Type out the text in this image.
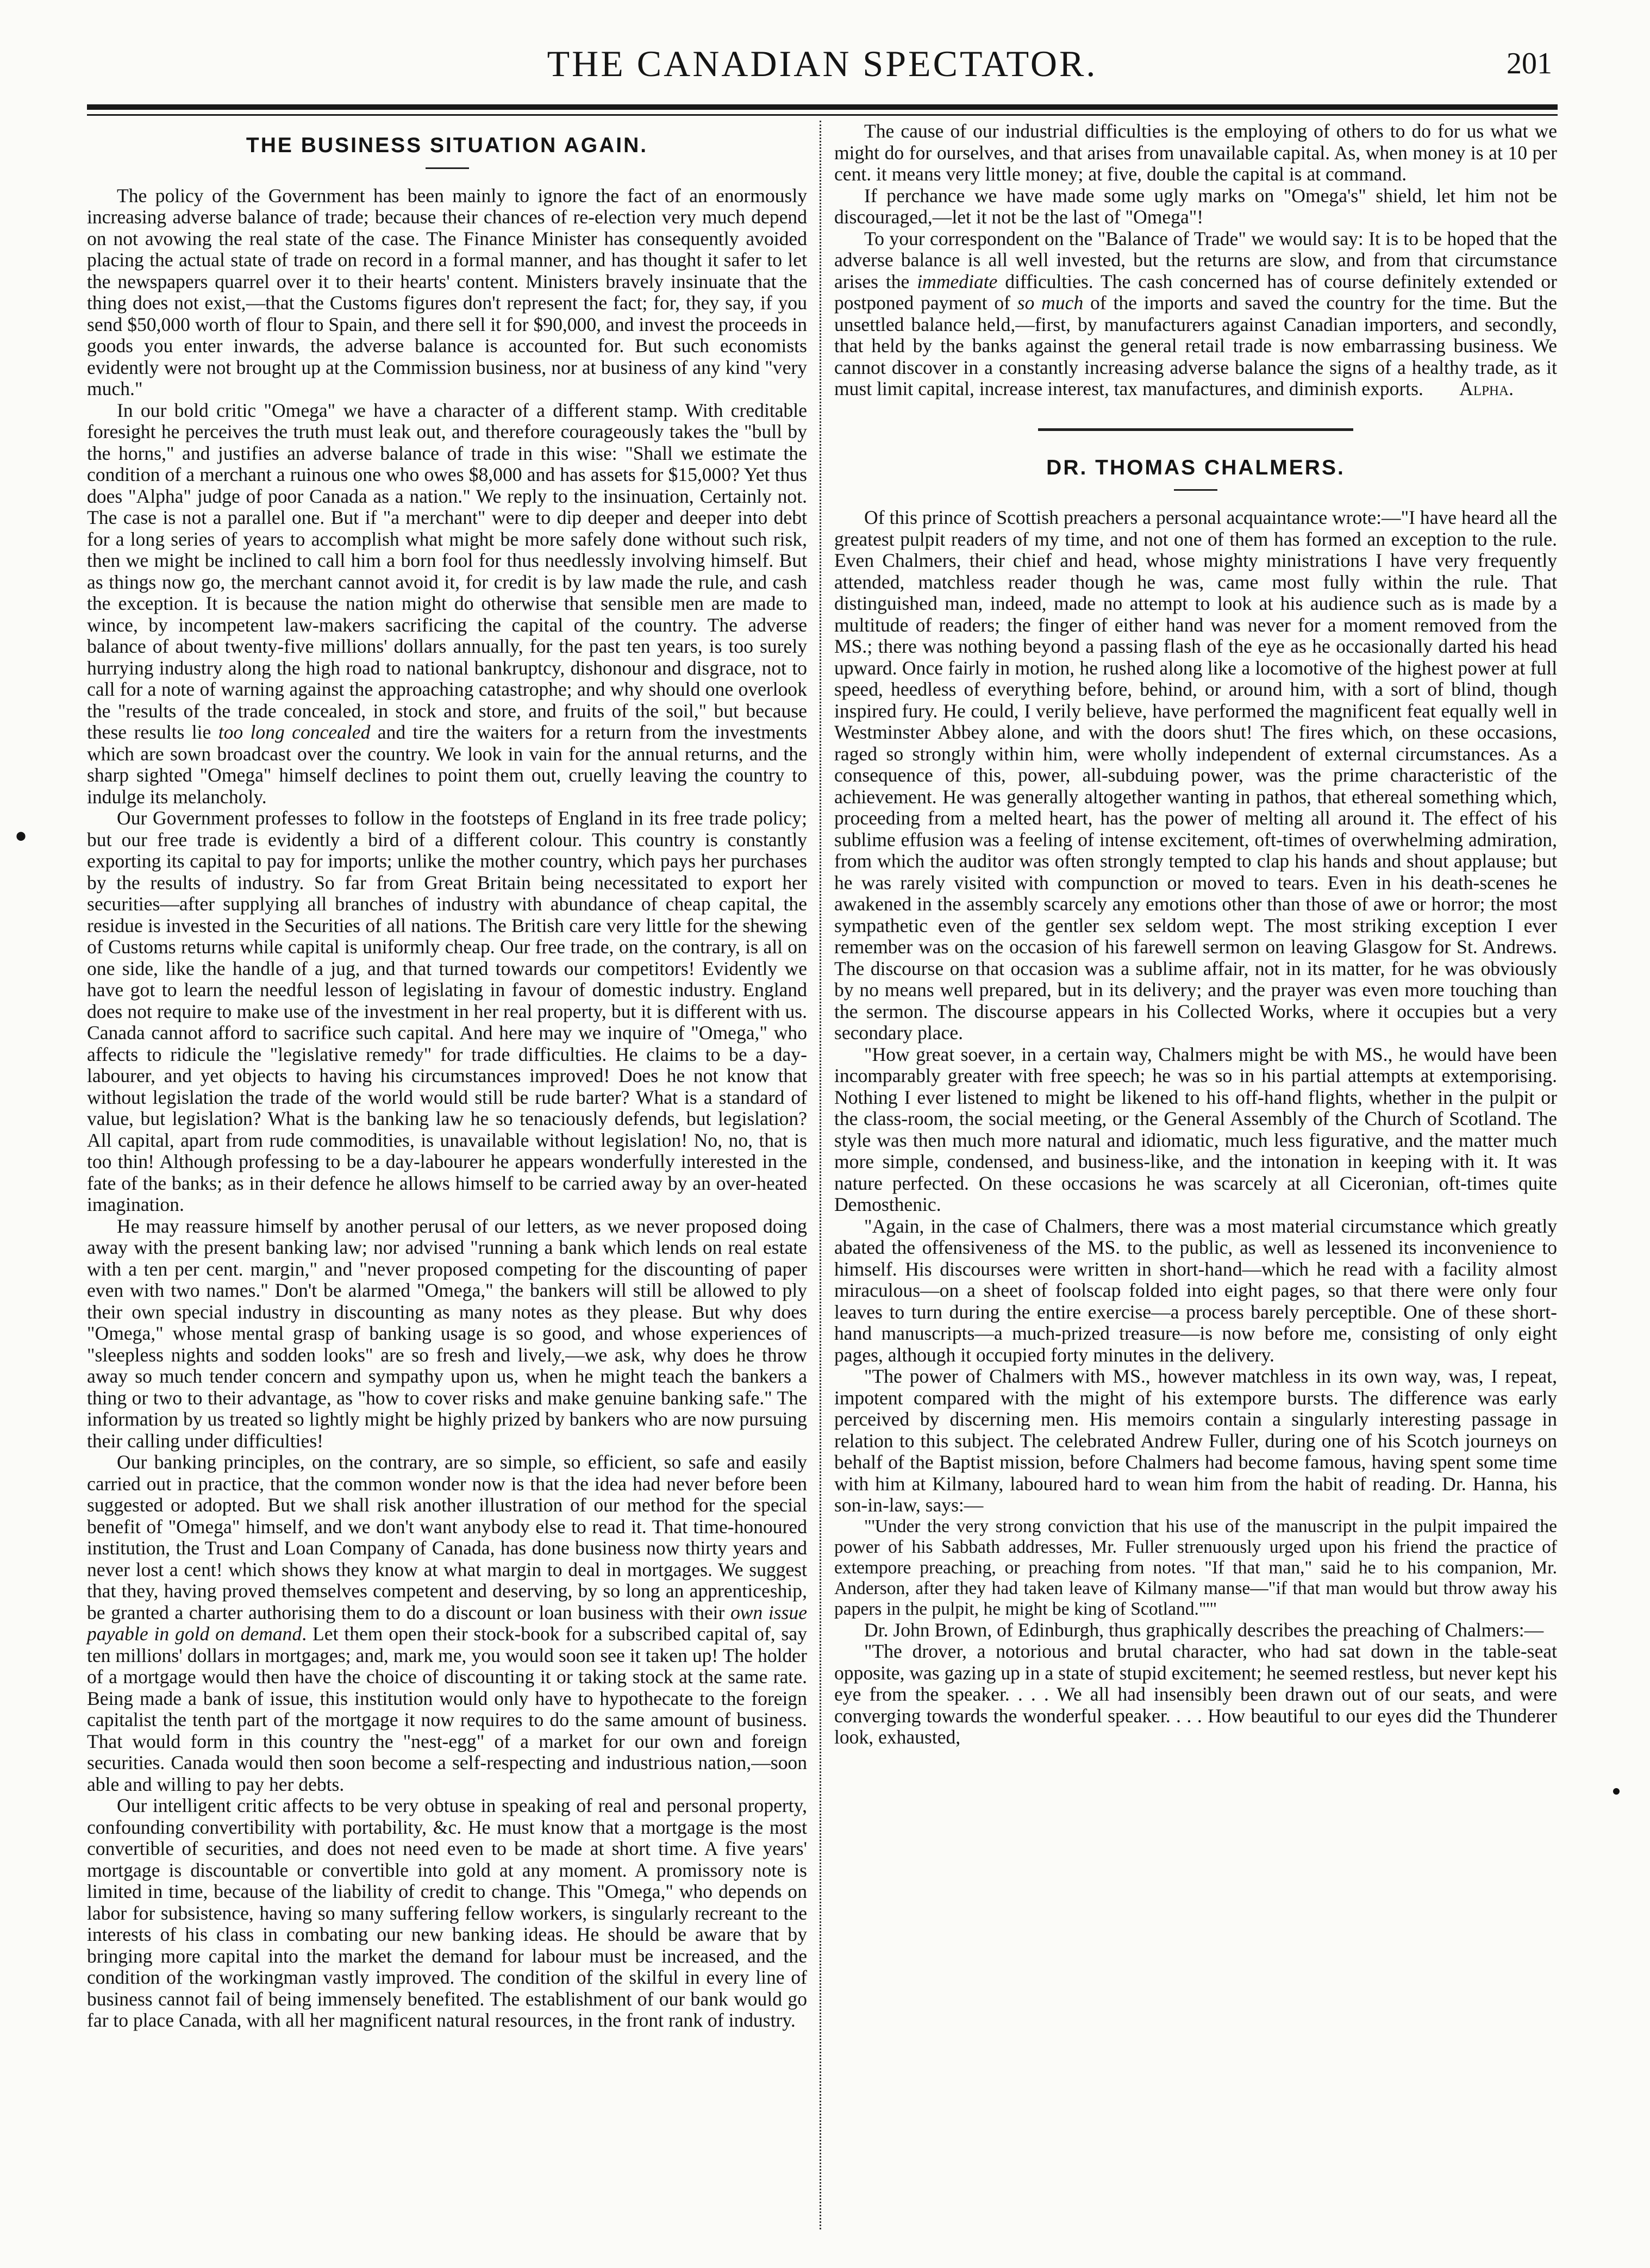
THE CANADIAN SPECTATOR.	201
•
THE BUSINESS SITUATION AGAIN.

The policy of the Government has been mainly to ignore the fact of an enormously increasing adverse balance of trade; because their chances of re-election very much depend on not avowing the real state of the case. The Finance Minister has consequently avoided placing the actual state of trade on record in a formal manner, and has thought it safer to let the newspapers quarrel over it to their hearts' content. Ministers bravely insinuate that the thing does not exist,—that the Customs figures don't represent the fact; for, they say, if you send $50,000 worth of flour to Spain, and there sell it for $90,000, and invest the proceeds in goods you enter inwards, the adverse balance is accounted for. But such economists evidently were not brought up at the Commission business, nor at business of any kind "very much."

In our bold critic "Omega" we have a character of a different stamp. With creditable foresight he perceives the truth must leak out, and therefore courageously takes the "bull by the horns," and justifies an adverse balance of trade in this wise: "Shall we estimate the condition of a merchant a ruinous one who owes $8,000 and has assets for $15,000? Yet thus does "Alpha" judge of poor Canada as a nation." We reply to the insinuation, Certainly not. The case is not a parallel one. But if "a merchant" were to dip deeper and deeper into debt for a long series of years to accomplish what might be more safely done without such risk, then we might be inclined to call him a born fool for thus needlessly involving himself. But as things now go, the merchant cannot avoid it, for credit is by law made the rule, and cash the exception. It is because the nation might do otherwise that sensible men are made to wince, by incompetent law-makers sacrificing the capital of the country. The adverse balance of about twenty-five millions' dollars annually, for the past ten years, is too surely hurrying industry along the high road to national bankruptcy, dishonour and disgrace, not to call for a note of warning against the approaching catastrophe; and why should one overlook the "results of the trade concealed, in stock and store, and fruits of the soil," but because these results lie too long concealed and tire the waiters for a return from the investments which are sown broadcast over the country. We look in vain for the annual returns, and the sharp sighted "Omega" himself declines to point them out, cruelly leaving the country to indulge its melancholy.

Our Government professes to follow in the footsteps of England in its free trade policy; but our free trade is evidently a bird of a different colour. This country is constantly exporting its capital to pay for imports; unlike the mother country, which pays her purchases by the results of industry. So far from Great Britain being necessitated to export her securities—after supplying all branches of industry with abundance of cheap capital, the residue is invested in the Securities of all nations. The British care very little for the shewing of Customs returns while capital is uniformly cheap. Our free trade, on the contrary, is all on one side, like the handle of a jug, and that turned towards our competitors! Evidently we have got to learn the needful lesson of legislating in favour of domestic industry. England does not require to make use of the investment in her real property, but it is different with us. Canada cannot afford to sacrifice such capital. And here may we inquire of "Omega," who affects to ridicule the "legislative remedy" for trade difficulties. He claims to be a day-labourer, and yet objects to having his circumstances improved! Does he not know that without legislation the trade of the world would still be rude barter? What is a standard of value, but legislation? What is the banking law he so tenaciously defends, but legislation? All capital, apart from rude commodities, is unavailable without legislation! No, no, that is too thin! Although professing to be a day-labourer he appears wonderfully interested in the fate of the banks; as in their defence he allows himself to be carried away by an over-heated imagination.

He may reassure himself by another perusal of our letters, as we never proposed doing away with the present banking law; nor advised "running a bank which lends on real estate with a ten per cent. margin," and "never proposed competing for the discounting of paper even with two names." Don't be alarmed "Omega," the bankers will still be allowed to ply their own special industry in discounting as many notes as they please. But why does "Omega," whose mental grasp of banking usage is so good, and whose experiences of "sleepless nights and sodden looks" are so fresh and lively,—we ask, why does he throw away so much tender concern and sympathy upon us, when he might teach the bankers a thing or two to their advantage, as "how to cover risks and make genuine banking safe." The information by us treated so lightly might be highly prized by bankers who are now pursuing their calling under difficulties!

Our banking principles, on the contrary, are so simple, so efficient, so safe and easily carried out in practice, that the common wonder now is that the idea had never before been suggested or adopted. But we shall risk another illustration of our method for the special benefit of "Omega" himself, and we don't want anybody else to read it. That time-honoured institution, the Trust and Loan Company of Canada, has done business now thirty years and never lost a cent! which shows they know at what margin to deal in mortgages. We suggest that they, having proved themselves competent and deserving, by so long an apprenticeship, be granted a charter authorising them to do a discount or loan business with their own issue payable in gold on demand. Let them open their stock-book for a subscribed capital of, say ten millions' dollars in mortgages; and, mark me, you would soon see it taken up! The holder of a mortgage would then have the choice of discounting it or taking stock at the same rate. Being made a bank of issue, this institution would only have to hypothecate to the foreign capitalist the tenth part of the mortgage it now requires to do the same amount of business. That would form in this country the "nest-egg" of a market for our own and foreign securities. Canada would then soon become a self-respecting and industrious nation,—soon able and willing to pay her debts.

Our intelligent critic affects to be very obtuse in speaking of real and personal property, confounding convertibility with portability, &c. He must know that a mortgage is the most convertible of securities, and does not need even to be made at short time. A five years' mortgage is discountable or convertible into gold at any moment. A promissory note is limited in time, because of the liability of credit to change. This "Omega," who depends on labor for subsistence, having so many suffering fellow workers, is singularly recreant to the interests of his class in combating our new banking ideas. He should be aware that by bringing more capital into the market the demand for labour must be increased, and the condition of the workingman vastly improved. The condition of the skilful in every line of business cannot fail of being immensely benefited. The establishment of our bank would go far to place Canada, with all her magnificent natural resources, in the front rank of industry.

The cause of our industrial difficulties is the employing of others to do for us what we might do for ourselves, and that arises from unavailable capital. As, when money is at 10 per cent. it means very little money; at five, double the capital is at command.

If perchance we have made some ugly marks on "Omega's" shield, let him not be discouraged,—let it not be the last of "Omega"!

To your correspondent on the "Balance of Trade" we would say: It is to be hoped that the adverse balance is all well invested, but the returns are slow, and from that circumstance arises the immediate difficulties. The cash concerned has of course definitely extended or postponed payment of so much of the imports and saved the country for the time. But the unsettled balance held,—first, by manufacturers against Canadian importers, and secondly, that held by the banks against the general retail trade is now embarrassing business. We cannot discover in a constantly increasing adverse balance the signs of a healthy trade, as it must limit capital, increase interest, tax manufactures, and diminish exports.	Alpha.

DR. THOMAS CHALMERS.

Of this prince of Scottish preachers a personal acquaintance wrote:—"I have heard all the greatest pulpit readers of my time, and not one of them has formed an exception to the rule. Even Chalmers, their chief and head, whose mighty ministrations I have very frequently attended, matchless reader though he was, came most fully within the rule. That distinguished man, indeed, made no attempt to look at his audience such as is made by a multitude of readers; the finger of either hand was never for a moment removed from the MS.; there was nothing beyond a passing flash of the eye as he occasionally darted his head upward. Once fairly in motion, he rushed along like a locomotive of the highest power at full speed, heedless of everything before, behind, or around him, with a sort of blind, though inspired fury. He could, I verily believe, have performed the magnificent feat equally well in Westminster Abbey alone, and with the doors shut! The fires which, on these occasions, raged so strongly within him, were wholly independent of external circumstances. As a consequence of this, power, all-subduing power, was the prime characteristic of the achievement. He was generally altogether wanting in pathos, that ethereal something which, proceeding from a melted heart, has the power of melting all around it. The effect of his sublime effusion was a feeling of intense excitement, oft-times of overwhelming admiration, from which the auditor was often strongly tempted to clap his hands and shout applause; but he was rarely visited with compunction or moved to tears. Even in his death-scenes he awakened in the assembly scarcely any emotions other than those of awe or horror; the most sympathetic even of the gentler sex seldom wept. The most striking exception I ever remember was on the occasion of his farewell sermon on leaving Glasgow for St. Andrews. The discourse on that occasion was a sublime affair, not in its matter, for he was obviously by no means well prepared, but in its delivery; and the prayer was even more touching than the sermon. The discourse appears in his Collected Works, where it occupies but a very secondary place.

"How great soever, in a certain way, Chalmers might be with MS., he would have been incomparably greater with free speech; he was so in his partial attempts at extemporising. Nothing I ever listened to might be likened to his off-hand flights, whether in the pulpit or the class-room, the social meeting, or the General Assembly of the Church of Scotland. The style was then much more natural and idiomatic, much less figurative, and the matter much more simple, condensed, and business-like, and the intonation in keeping with it. It was nature perfected. On these occasions he was scarcely at all Ciceronian, oft-times quite Demosthenic.

"Again, in the case of Chalmers, there was a most material circumstance which greatly abated the offensiveness of the MS. to the public, as well as lessened its inconvenience to himself. His discourses were written in short-hand—which he read with a facility almost miraculous—on a sheet of foolscap folded into eight pages, so that there were only four leaves to turn during the entire exercise—a process barely perceptible. One of these short-hand manuscripts—a much-prized treasure—is now before me, consisting of only eight pages, although it occupied forty minutes in the delivery.

"The power of Chalmers with MS., however matchless in its own way, was, I repeat, impotent compared with the might of his extempore bursts. The difference was early perceived by discerning men. His memoirs contain a singularly interesting passage in relation to this subject. The celebrated Andrew Fuller, during one of his Scotch journeys on behalf of the Baptist mission, before Chalmers had become famous, having spent some time with him at Kilmany, laboured hard to wean him from the habit of reading. Dr. Hanna, his son-in-law, says:—

"'Under the very strong conviction that his use of the manuscript in the pulpit impaired the power of his Sabbath addresses, Mr. Fuller strenuously urged upon his friend the practice of extempore preaching, or preaching from notes. "If that man," said he to his companion, Mr. Anderson, after they had taken leave of Kilmany manse—"if that man would but throw away his papers in the pulpit, he might be king of Scotland."'"

Dr. John Brown, of Edinburgh, thus graphically describes the preaching of Chalmers:—

"The drover, a notorious and brutal character, who had sat down in the table-seat opposite, was gazing up in a state of stupid excitement; he seemed restless, but never kept his eye from the speaker. . . . We all had insensibly been drawn out of our seats, and were converging towards the wonderful speaker. . . . How beautiful to our eyes did the Thunderer look, exhausted,
